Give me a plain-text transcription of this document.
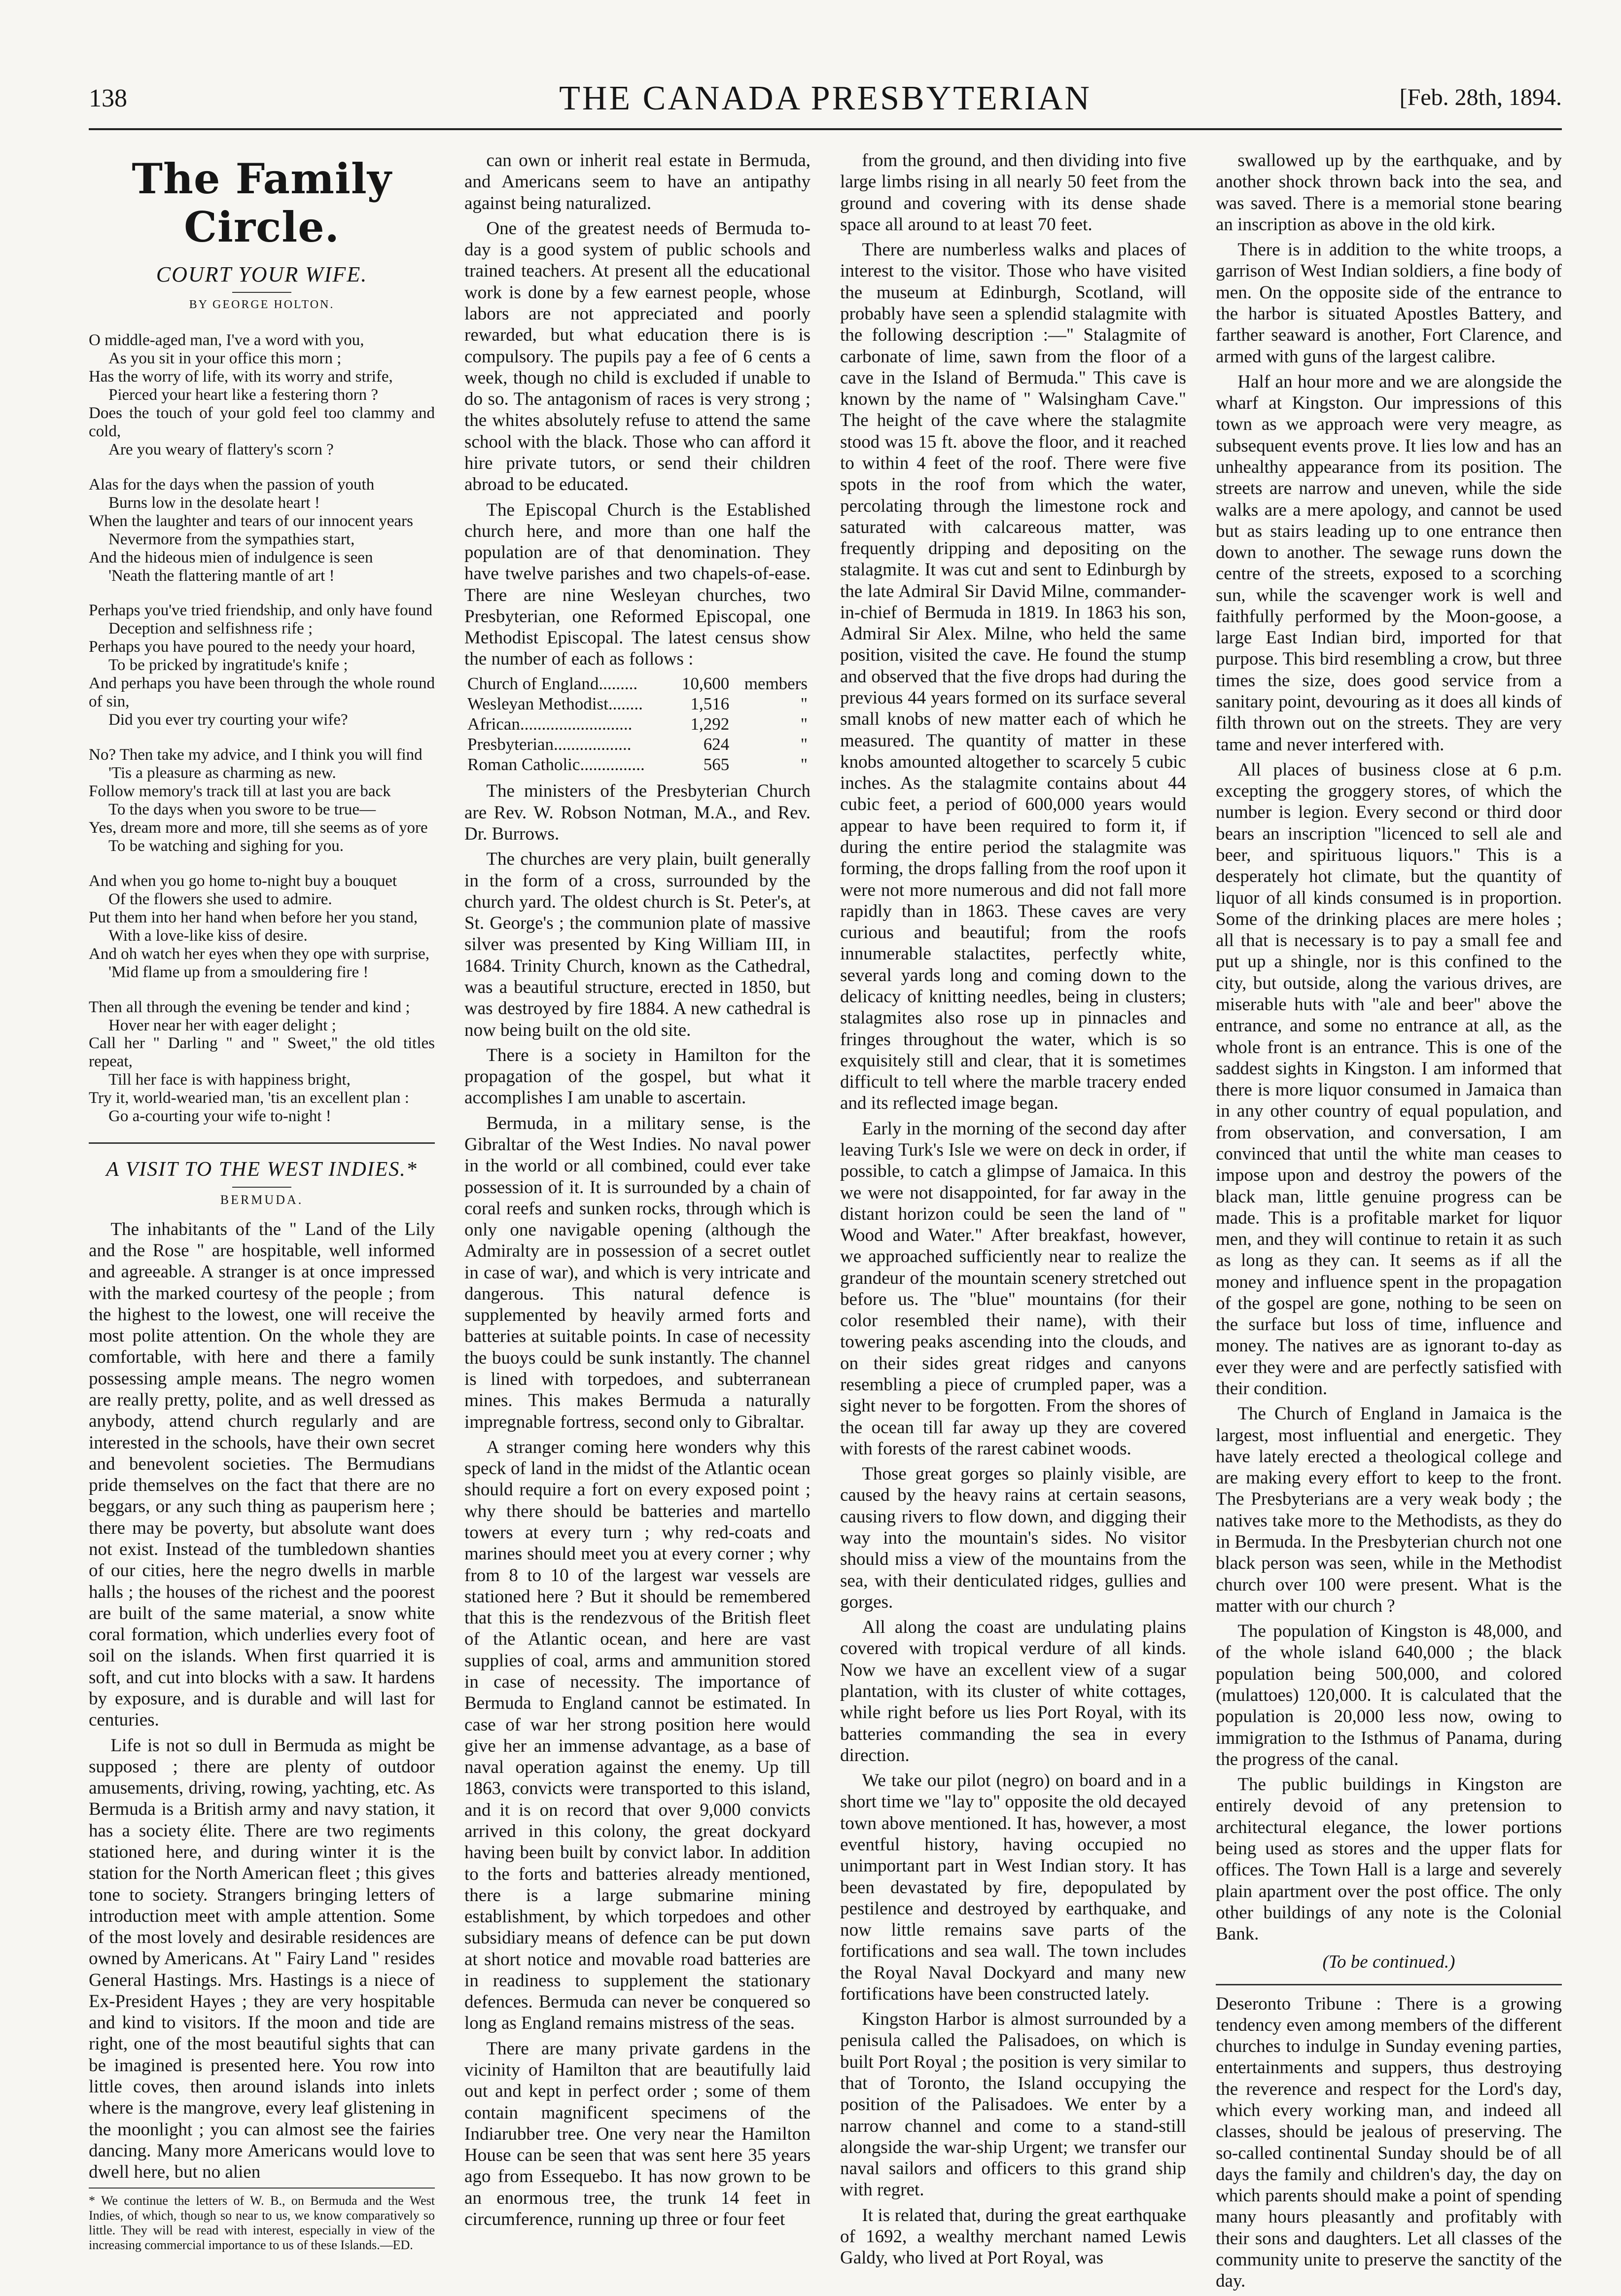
138	THE CANADA PRESBYTERIAN	[Feb. 28th, 1894.
The Family Circle.
COURT YOUR WIFE.
BY GEORGE HOLTON.
O middle-aged man, I've a word with you,
As you sit in your office this morn ;
Has the worry of life, with its worry and strife,
Pierced your heart like a festering thorn ?
Does the touch of your gold feel too clammy and cold,
Are you weary of flattery's scorn ?
Alas for the days when the passion of youth
Burns low in the desolate heart !
When the laughter and tears of our innocent years
Nevermore from the sympathies start,
And the hideous mien of indulgence is seen
'Neath the flattering mantle of art !
Perhaps you've tried friendship, and only have found
Deception and selfishness rife ;
Perhaps you have poured to the needy your hoard,
To be pricked by ingratitude's knife ;
And perhaps you have been through the whole round of sin,
Did you ever try courting your wife?
No? Then take my advice, and I think you will find
'Tis a pleasure as charming as new.
Follow memory's track till at last you are back
To the days when you swore to be true—
Yes, dream more and more, till she seems as of yore
To be watching and sighing for you.
And when you go home to-night buy a bouquet
Of the flowers she used to admire.
Put them into her hand when before her you stand,
With a love-like kiss of desire.
And oh watch her eyes when they ope with surprise,
'Mid flame up from a smouldering fire !
Then all through the evening be tender and kind ;
Hover near her with eager delight ;
Call her " Darling " and " Sweet," the old titles repeat,
Till her face is with happiness bright,
Try it, world-wearied man, 'tis an excellent plan :
Go a-courting your wife to-night !
A VISIT TO THE WEST INDIES.*
BERMUDA.

The inhabitants of the " Land of the Lily and the Rose " are hospitable, well informed and agreeable. A stranger is at once impressed with the marked courtesy of the people ; from the highest to the lowest, one will receive the most polite attention. On the whole they are comfortable, with here and there a family possessing ample means. The negro women are really pretty, polite, and as well dressed as anybody, attend church regularly and are interested in the schools, have their own secret and benevolent societies. The Bermudians pride themselves on the fact that there are no beggars, or any such thing as pauperism here ; there may be poverty, but absolute want does not exist. Instead of the tumbledown shanties of our cities, here the negro dwells in marble halls ; the houses of the richest and the poorest are built of the same material, a snow white coral formation, which underlies every foot of soil on the islands. When first quarried it is soft, and cut into blocks with a saw. It hardens by exposure, and is durable and will last for centuries.

Life is not so dull in Bermuda as might be supposed ; there are plenty of outdoor amusements, driving, rowing, yachting, etc. As Bermuda is a British army and navy station, it has a society élite. There are two regiments stationed here, and during winter it is the station for the North American fleet ; this gives tone to society. Strangers bringing letters of introduction meet with ample attention. Some of the most lovely and desirable residences are owned by Americans. At " Fairy Land " resides General Hastings. Mrs. Hastings is a niece of Ex-President Hayes ; they are very hospitable and kind to visitors. If the moon and tide are right, one of the most beautiful sights that can be imagined is presented here. You row into little coves, then around islands into inlets where is the mangrove, every leaf glistening in the moonlight ; you can almost see the fairies dancing. Many more Americans would love to dwell here, but no alien

* We continue the letters of W. B., on Bermuda and the West Indies, of which, though so near to us, we know comparatively so little. They will be read with interest, especially in view of the increasing commercial importance to us of these Islands.—ED.

can own or inherit real estate in Bermuda, and Americans seem to have an antipathy against being naturalized.

One of the greatest needs of Bermuda to-day is a good system of public schools and trained teachers. At present all the educational work is done by a few earnest people, whose labors are not appreciated and poorly rewarded, but what education there is is compulsory. The pupils pay a fee of 6 cents a week, though no child is excluded if unable to do so. The antagonism of races is very strong ; the whites absolutely refuse to attend the same school with the black. Those who can afford it hire private tutors, or send their children abroad to be educated.

The Episcopal Church is the Established church here, and more than one half the population are of that denomination. They have twelve parishes and two chapels-of-ease. There are nine Wesleyan churches, two Presbyterian, one Reformed Episcopal, one Methodist Episcopal. The latest census show the number of each as follows :

Church of England.........	10,600	members
Wesleyan Methodist........	1,516	"
African..........................	1,292	"
Presbyterian..................	624	"
Roman Catholic...............	565	"

The ministers of the Presbyterian Church are Rev. W. Robson Notman, M.A., and Rev. Dr. Burrows.

The churches are very plain, built generally in the form of a cross, surrounded by the church yard. The oldest church is St. Peter's, at St. George's ; the communion plate of massive silver was presented by King William III, in 1684. Trinity Church, known as the Cathedral, was a beautiful structure, erected in 1850, but was destroyed by fire 1884. A new cathedral is now being built on the old site.

There is a society in Hamilton for the propagation of the gospel, but what it accomplishes I am unable to ascertain.

Bermuda, in a military sense, is the Gibraltar of the West Indies. No naval power in the world or all combined, could ever take possession of it. It is surrounded by a chain of coral reefs and sunken rocks, through which is only one navigable opening (although the Admiralty are in possession of a secret outlet in case of war), and which is very intricate and dangerous. This natural defence is supplemented by heavily armed forts and batteries at suitable points. In case of necessity the buoys could be sunk instantly. The channel is lined with torpedoes, and subterranean mines. This makes Bermuda a naturally impregnable fortress, second only to Gibraltar.

A stranger coming here wonders why this speck of land in the midst of the Atlantic ocean should require a fort on every exposed point ; why there should be batteries and martello towers at every turn ; why red-coats and marines should meet you at every corner ; why from 8 to 10 of the largest war vessels are stationed here ? But it should be remembered that this is the rendezvous of the British fleet of the Atlantic ocean, and here are vast supplies of coal, arms and ammunition stored in case of necessity. The importance of Bermuda to England cannot be estimated. In case of war her strong position here would give her an immense advantage, as a base of naval operation against the enemy. Up till 1863, convicts were transported to this island, and it is on record that over 9,000 convicts arrived in this colony, the great dockyard having been built by convict labor. In addition to the forts and batteries already mentioned, there is a large submarine mining establishment, by which torpedoes and other subsidiary means of defence can be put down at short notice and movable road batteries are in readiness to supplement the stationary defences. Bermuda can never be conquered so long as England remains mistress of the seas.

There are many private gardens in the vicinity of Hamilton that are beautifully laid out and kept in perfect order ; some of them contain magnificent specimens of the Indiarubber tree. One very near the Hamilton House can be seen that was sent here 35 years ago from Essequebo. It has now grown to be an enormous tree, the trunk 14 feet in circumference, running up three or four feet

from the ground, and then dividing into five large limbs rising in all nearly 50 feet from the ground and covering with its dense shade space all around to at least 70 feet.

There are numberless walks and places of interest to the visitor. Those who have visited the museum at Edinburgh, Scotland, will probably have seen a splendid stalagmite with the following description :—" Stalagmite of carbonate of lime, sawn from the floor of a cave in the Island of Bermuda." This cave is known by the name of " Walsingham Cave." The height of the cave where the stalagmite stood was 15 ft. above the floor, and it reached to within 4 feet of the roof. There were five spots in the roof from which the water, percolating through the limestone rock and saturated with calcareous matter, was frequently dripping and depositing on the stalagmite. It was cut and sent to Edinburgh by the late Admiral Sir David Milne, commander-in-chief of Bermuda in 1819. In 1863 his son, Admiral Sir Alex. Milne, who held the same position, visited the cave. He found the stump and observed that the five drops had during the previous 44 years formed on its surface several small knobs of new matter each of which he measured. The quantity of matter in these knobs amounted altogether to scarcely 5 cubic inches. As the stalagmite contains about 44 cubic feet, a period of 600,000 years would appear to have been required to form it, if during the entire period the stalagmite was forming, the drops falling from the roof upon it were not more numerous and did not fall more rapidly than in 1863. These caves are very curious and beautiful; from the roofs innumerable stalactites, perfectly white, several yards long and coming down to the delicacy of knitting needles, being in clusters; stalagmites also rose up in pinnacles and fringes throughout the water, which is so exquisitely still and clear, that it is sometimes difficult to tell where the marble tracery ended and its reflected image began.

Early in the morning of the second day after leaving Turk's Isle we were on deck in order, if possible, to catch a glimpse of Jamaica. In this we were not disappointed, for far away in the distant horizon could be seen the land of " Wood and Water." After breakfast, however, we approached sufficiently near to realize the grandeur of the mountain scenery stretched out before us. The "blue" mountains (for their color resembled their name), with their towering peaks ascending into the clouds, and on their sides great ridges and canyons resembling a piece of crumpled paper, was a sight never to be forgotten. From the shores of the ocean till far away up they are covered with forests of the rarest cabinet woods.

Those great gorges so plainly visible, are caused by the heavy rains at certain seasons, causing rivers to flow down, and digging their way into the mountain's sides. No visitor should miss a view of the mountains from the sea, with their denticulated ridges, gullies and gorges.

All along the coast are undulating plains covered with tropical verdure of all kinds. Now we have an excellent view of a sugar plantation, with its cluster of white cottages, while right before us lies Port Royal, with its batteries commanding the sea in every direction.

We take our pilot (negro) on board and in a short time we "lay to" opposite the old decayed town above mentioned. It has, however, a most eventful history, having occupied no unimportant part in West Indian story. It has been devastated by fire, depopulated by pestilence and destroyed by earthquake, and now little remains save parts of the fortifications and sea wall. The town includes the Royal Naval Dockyard and many new fortifications have been constructed lately.

Kingston Harbor is almost surrounded by a penisula called the Palisadoes, on which is built Port Royal ; the position is very similar to that of Toronto, the Island occupying the position of the Palisadoes. We enter by a narrow channel and come to a stand-still alongside the war-ship Urgent; we transfer our naval sailors and officers to this grand ship with regret.

It is related that, during the great earthquake of 1692, a wealthy merchant named Lewis Galdy, who lived at Port Royal, was

swallowed up by the earthquake, and by another shock thrown back into the sea, and was saved. There is a memorial stone bearing an inscription as above in the old kirk.

There is in addition to the white troops, a garrison of West Indian soldiers, a fine body of men. On the opposite side of the entrance to the harbor is situated Apostles Battery, and farther seaward is another, Fort Clarence, and armed with guns of the largest calibre.

Half an hour more and we are alongside the wharf at Kingston. Our impressions of this town as we approach were very meagre, as subsequent events prove. It lies low and has an unhealthy appearance from its position. The streets are narrow and uneven, while the side walks are a mere apology, and cannot be used but as stairs leading up to one entrance then down to another. The sewage runs down the centre of the streets, exposed to a scorching sun, while the scavenger work is well and faithfully performed by the Moon-goose, a large East Indian bird, imported for that purpose. This bird resembling a crow, but three times the size, does good service from a sanitary point, devouring as it does all kinds of filth thrown out on the streets. They are very tame and never interfered with.

All places of business close at 6 p.m. excepting the groggery stores, of which the number is legion. Every second or third door bears an inscription "licenced to sell ale and beer, and spirituous liquors." This is a desperately hot climate, but the quantity of liquor of all kinds consumed is in proportion. Some of the drinking places are mere holes ; all that is necessary is to pay a small fee and put up a shingle, nor is this confined to the city, but outside, along the various drives, are miserable huts with "ale and beer" above the entrance, and some no entrance at all, as the whole front is an entrance. This is one of the saddest sights in Kingston. I am informed that there is more liquor consumed in Jamaica than in any other country of equal population, and from observation, and conversation, I am convinced that until the white man ceases to impose upon and destroy the powers of the black man, little genuine progress can be made. This is a profitable market for liquor men, and they will continue to retain it as such as long as they can. It seems as if all the money and influence spent in the propagation of the gospel are gone, nothing to be seen on the surface but loss of time, influence and money. The natives are as ignorant to-day as ever they were and are perfectly satisfied with their condition.

The Church of England in Jamaica is the largest, most influential and energetic. They have lately erected a theological college and are making every effort to keep to the front. The Presbyterians are a very weak body ; the natives take more to the Methodists, as they do in Bermuda. In the Presbyterian church not one black person was seen, while in the Methodist church over 100 were present. What is the matter with our church ?

The population of Kingston is 48,000, and of the whole island 640,000 ; the black population being 500,000, and colored (mulattoes) 120,000. It is calculated that the population is 20,000 less now, owing to immigration to the Isthmus of Panama, during the progress of the canal.

The public buildings in Kingston are entirely devoid of any pretension to architectural elegance, the lower portions being used as stores and the upper flats for offices. The Town Hall is a large and severely plain apartment over the post office. The only other buildings of any note is the Colonial Bank.

(To be continued.)

Deseronto Tribune : There is a growing tendency even among members of the different churches to indulge in Sunday evening parties, entertainments and suppers, thus destroying the reverence and respect for the Lord's day, which every working man, and indeed all classes, should be jealous of preserving. The so-called continental Sunday should be of all days the family and children's day, the day on which parents should make a point of spending many hours pleasantly and profitably with their sons and daughters. Let all classes of the community unite to preserve the sanctity of the day.
